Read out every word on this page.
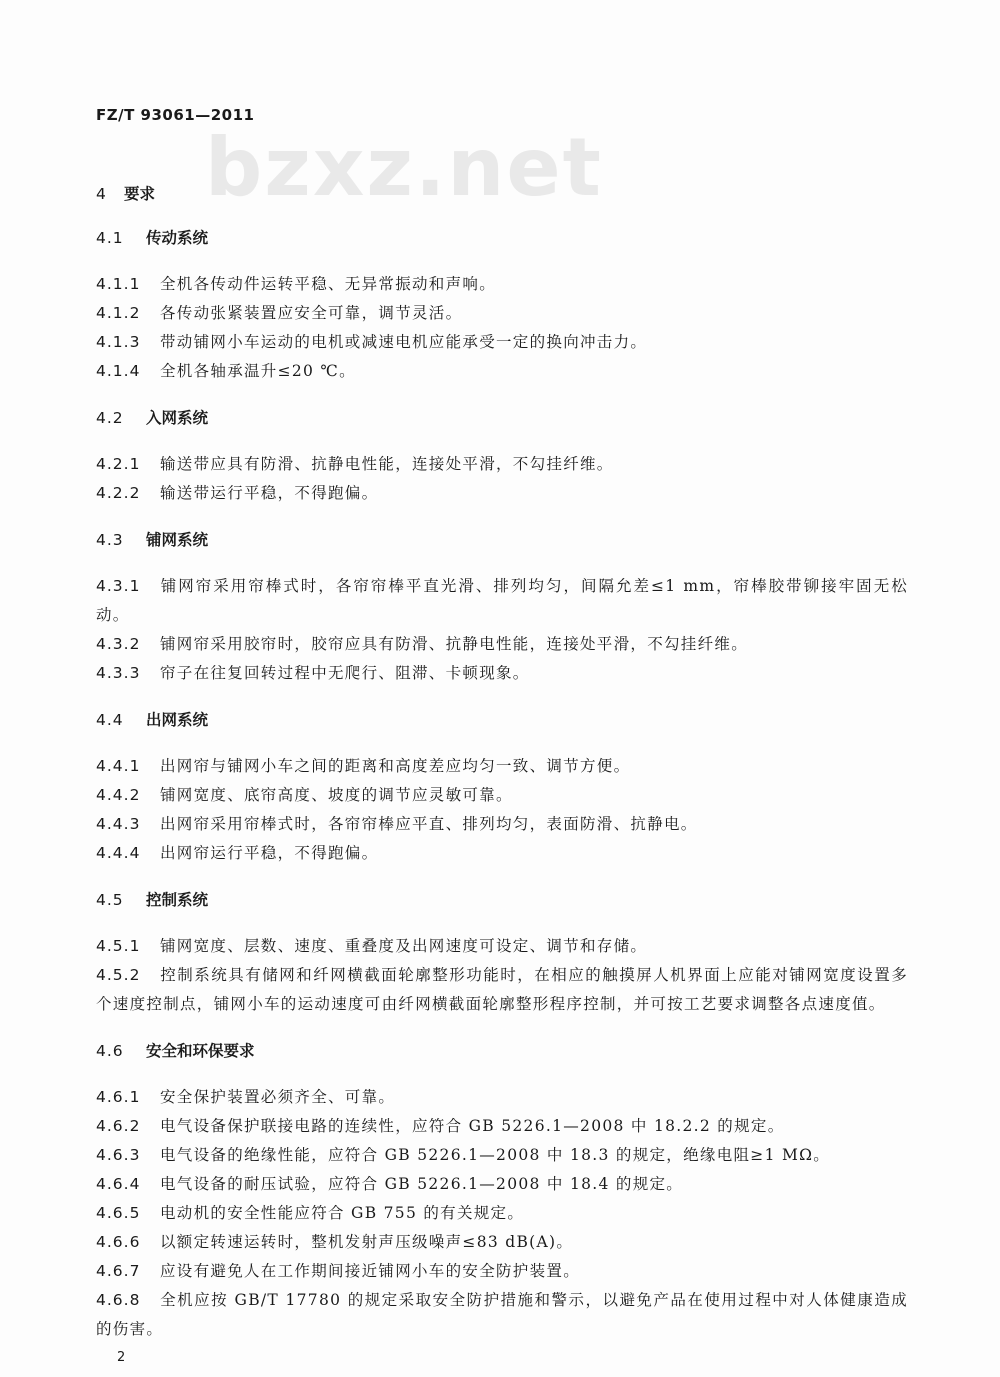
FZ/T 93061—2011
bzxz.net
4 要求
4.1 传动系统
4.1.1 全机各传动件运转平稳、无异常振动和声响。
4.1.2 各传动张紧装置应安全可靠，调节灵活。
4.1.3 带动铺网小车运动的电机或减速电机应能承受一定的换向冲击力。
4.1.4 全机各轴承温升≤20 ℃。
4.2 入网系统
4.2.1 输送带应具有防滑、抗静电性能，连接处平滑，不勾挂纤维。
4.2.2 输送带运行平稳，不得跑偏。
4.3 铺网系统
4.3.1 铺网帘采用帘棒式时，各帘帘棒平直光滑、排列均匀，间隔允差≤1 mm，帘棒胶带铆接牢固无松动。
4.3.2 铺网帘采用胶帘时，胶帘应具有防滑、抗静电性能，连接处平滑，不勾挂纤维。
4.3.3 帘子在往复回转过程中无爬行、阻滞、卡顿现象。
4.4 出网系统
4.4.1 出网帘与铺网小车之间的距离和高度差应均匀一致、调节方便。
4.4.2 铺网宽度、底帘高度、坡度的调节应灵敏可靠。
4.4.3 出网帘采用帘棒式时，各帘帘棒应平直、排列均匀，表面防滑、抗静电。
4.4.4 出网帘运行平稳，不得跑偏。
4.5 控制系统
4.5.1 铺网宽度、层数、速度、重叠度及出网速度可设定、调节和存储。
4.5.2 控制系统具有储网和纤网横截面轮廓整形功能时，在相应的触摸屏人机界面上应能对铺网宽度设置多个速度控制点，铺网小车的运动速度可由纤网横截面轮廓整形程序控制，并可按工艺要求调整各点速度值。
4.6 安全和环保要求
4.6.1 安全保护装置必须齐全、可靠。
4.6.2 电气设备保护联接电路的连续性，应符合 GB 5226.1—2008 中 18.2.2 的规定。
4.6.3 电气设备的绝缘性能，应符合 GB 5226.1—2008 中 18.3 的规定，绝缘电阻≥1 MΩ。
4.6.4 电气设备的耐压试验，应符合 GB 5226.1—2008 中 18.4 的规定。
4.6.5 电动机的安全性能应符合 GB 755 的有关规定。
4.6.6 以额定转速运转时，整机发射声压级噪声≤83 dB(A)。
4.6.7 应设有避免人在工作期间接近铺网小车的安全防护装置。
4.6.8 全机应按 GB/T 17780 的规定采取安全防护措施和警示，以避免产品在使用过程中对人体健康造成的伤害。
2
